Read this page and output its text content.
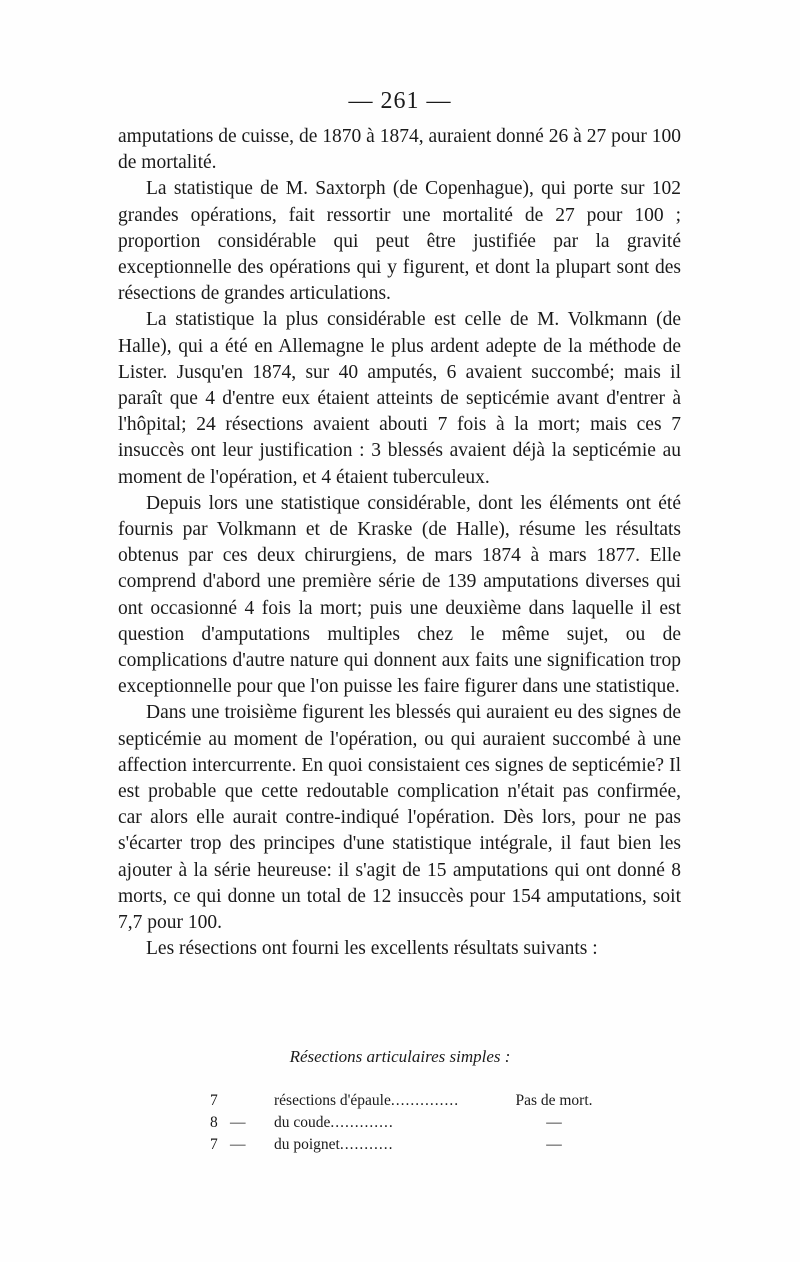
— 261 —

amputations de cuisse, de 1870 à 1874, auraient donné 26 à 27 pour 100 de mortalité.

La statistique de M. Saxtorph (de Copenhague), qui porte sur 102 grandes opérations, fait ressortir une mortalité de 27 pour 100 ; proportion considérable qui peut être justifiée par la gravité exceptionnelle des opérations qui y figurent, et dont la plupart sont des résections de grandes articulations.

La statistique la plus considérable est celle de M. Volkmann (de Halle), qui a été en Allemagne le plus ardent adepte de la méthode de Lister. Jusqu'en 1874, sur 40 amputés, 6 avaient succombé; mais il paraît que 4 d'entre eux étaient atteints de septicémie avant d'entrer à l'hôpital; 24 résections avaient abouti 7 fois à la mort; mais ces 7 insuccès ont leur justification : 3 blessés avaient déjà la septicémie au moment de l'opération, et 4 étaient tuberculeux.

Depuis lors une statistique considérable, dont les éléments ont été fournis par Volkmann et de Kraske (de Halle), résume les résultats obtenus par ces deux chirurgiens, de mars 1874 à mars 1877. Elle comprend d'abord une première série de 139 amputations diverses qui ont occasionné 4 fois la mort; puis une deuxième dans laquelle il est question d'amputations multiples chez le même sujet, ou de complications d'autre nature qui donnent aux faits une signification trop exceptionnelle pour que l'on puisse les faire figurer dans une statistique.

Dans une troisième figurent les blessés qui auraient eu des signes de septicémie au moment de l'opération, ou qui auraient succombé à une affection intercurrente. En quoi consistaient ces signes de septicémie? Il est probable que cette redoutable complication n'était pas confirmée, car alors elle aurait contre-indiqué l'opération. Dès lors, pour ne pas s'écarter trop des principes d'une statistique intégrale, il faut bien les ajouter à la série heureuse: il s'agit de 15 amputations qui ont donné 8 morts, ce qui donne un total de 12 insuccès pour 154 amputations, soit 7,7 pour 100.

Les résections ont fourni les excellents résultats suivants :

Résections articulaires simples :
7	résections d'épaule..............	Pas de mort.
8 —	du coude.............	—
7 —	du poignet...........	—
